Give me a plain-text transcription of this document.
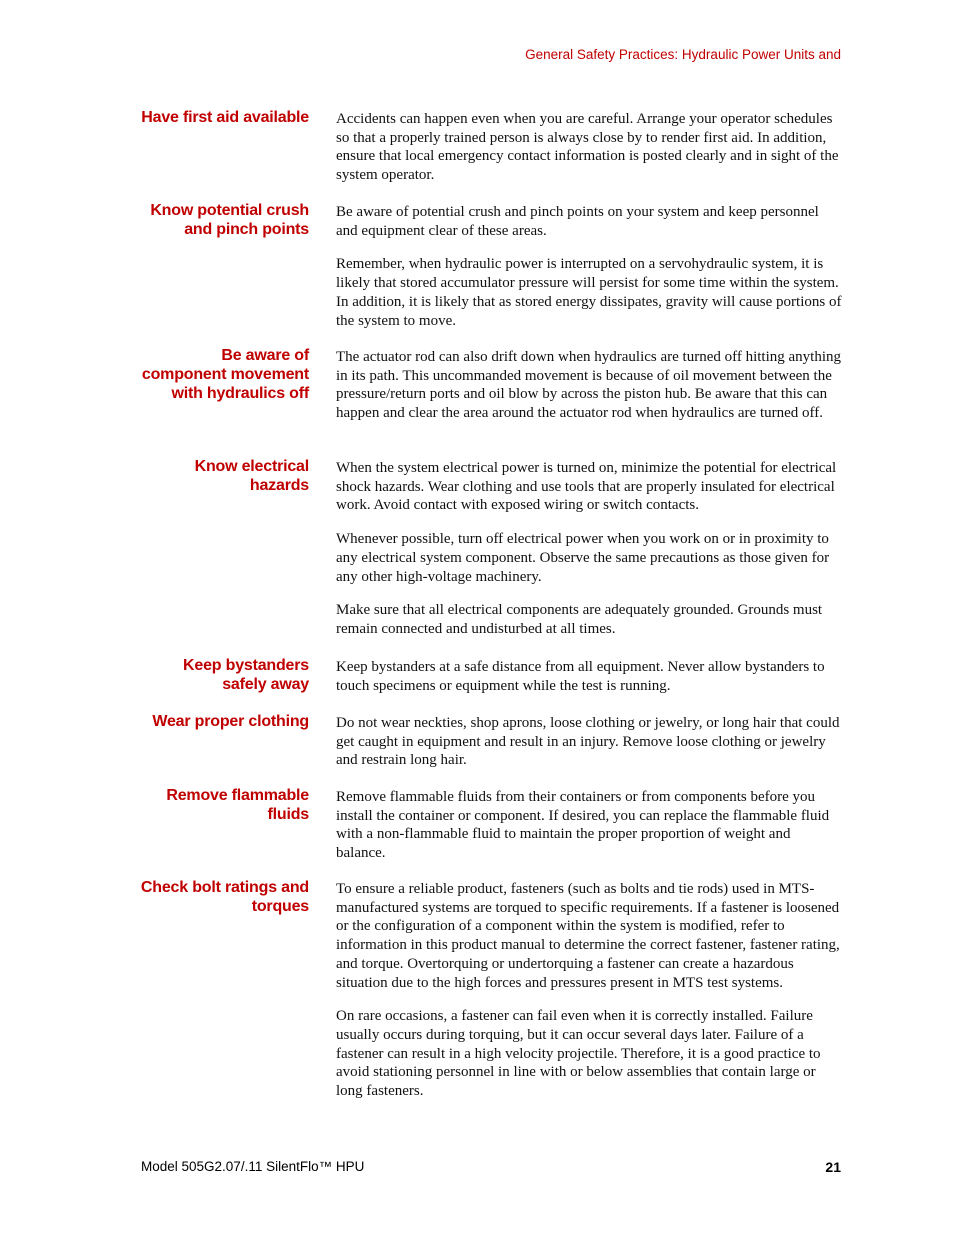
General Safety Practices: Hydraulic Power Units and
Have first aid available Accidents can happen even when you are careful. Arrange your operator schedules so that a properly trained person is always close by to render first aid. In addition, ensure that local emergency contact information is posted clearly and in sight of the system operator.

Know potential crush
and pinch points

Be aware of potential crush and pinch points on your system and keep personnel and equipment clear of these areas.

Remember, when hydraulic power is interrupted on a servohydraulic system, it is likely that stored accumulator pressure will persist for some time within the system. In addition, it is likely that as stored energy dissipates, gravity will cause portions of the system to move.

Be aware of
component movement
with hydraulics off

The actuator rod can also drift down when hydraulics are turned off hitting anything in its path. This uncommanded movement is because of oil movement between the pressure/return ports and oil blow by across the piston hub. Be aware that this can happen and clear the area around the actuator rod when hydraulics are turned off.

Know electrical
hazards

When the system electrical power is turned on, minimize the potential for electrical shock hazards. Wear clothing and use tools that are properly insulated for electrical work. Avoid contact with exposed wiring or switch contacts.

Whenever possible, turn off electrical power when you work on or in proximity to any electrical system component. Observe the same precautions as those given for any other high-voltage machinery.

Make sure that all electrical components are adequately grounded. Grounds must remain connected and undisturbed at all times.

Keep bystanders
safely away

Keep bystanders at a safe distance from all equipment. Never allow bystanders to touch specimens or equipment while the test is running.

Wear proper clothing Do not wear neckties, shop aprons, loose clothing or jewelry, or long hair that could get caught in equipment and result in an injury. Remove loose clothing or jewelry and restrain long hair.

Remove flammable
fluids

Remove flammable fluids from their containers or from components before you install the container or component. If desired, you can replace the flammable fluid with a non-flammable fluid to maintain the proper proportion of weight and balance.

Check bolt ratings and
torques

To ensure a reliable product, fasteners (such as bolts and tie rods) used in MTS-manufactured systems are torqued to specific requirements. If a fastener is loosened or the configuration of a component within the system is modified, refer to information in this product manual to determine the correct fastener, fastener rating, and torque. Overtorquing or undertorquing a fastener can create a hazardous situation due to the high forces and pressures present in MTS test systems.

On rare occasions, a fastener can fail even when it is correctly installed. Failure usually occurs during torquing, but it can occur several days later. Failure of a fastener can result in a high velocity projectile. Therefore, it is a good practice to avoid stationing personnel in line with or below assemblies that contain large or long fasteners.

Model 505G2.07/.11 SilentFlo™ HPU	21
